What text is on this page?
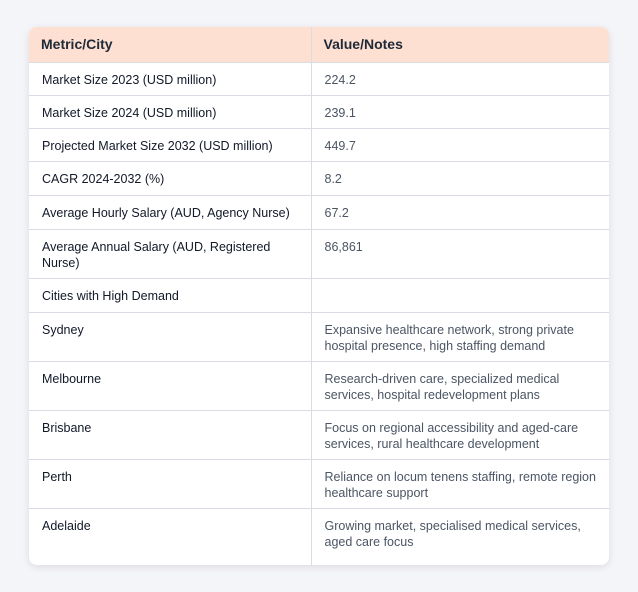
Metric/City	Value/Notes
Market Size 2023 (USD million)	224.2
Market Size 2024 (USD million)	239.1
Projected Market Size 2032 (USD million)	449.7
CAGR 2024-2032 (%)	8.2
Average Hourly Salary (AUD, Agency Nurse)	67.2
Average Annual Salary (AUD, Registered Nurse)	86,861
Cities with High Demand	
Sydney	Expansive healthcare network, strong private hospital presence, high staffing demand
Melbourne	Research-driven care, specialized medical services, hospital redevelopment plans
Brisbane	Focus on regional accessibility and aged-care services, rural healthcare development
Perth	Reliance on locum tenens staffing, remote region healthcare support
Adelaide	Growing market, specialised medical services, aged care focus
